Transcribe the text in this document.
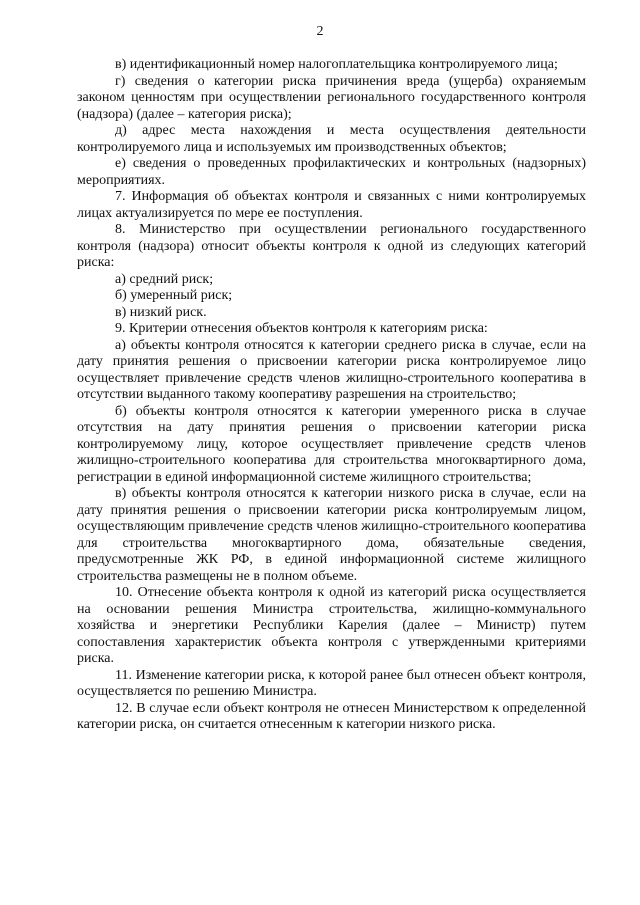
2

в) идентификационный номер налогоплательщика контролируемого лица;

г) сведения о категории риска причинения вреда (ущерба) охраняемым законом ценностям при осуществлении регионального государственного контроля (надзора) (далее – категория риска);

д) адрес места нахождения и места осуществления деятельности контролируемого лица и используемых им производственных объектов;

е) сведения о проведенных профилактических и контрольных (надзорных) мероприятиях.

7. Информация об объектах контроля и связанных с ними контролируемых лицах актуализируется по мере ее поступления.

8. Министерство при осуществлении регионального государственного контроля (надзора) относит объекты контроля к одной из следующих категорий риска:

а) средний риск;

б) умеренный риск;

в) низкий риск.

9. Критерии отнесения объектов контроля к категориям риска:

а) объекты контроля относятся к категории среднего риска в случае, если на дату принятия решения о присвоении категории риска контролируемое лицо осуществляет привлечение средств членов жилищно-строительного кооператива в отсутствии выданного такому кооперативу разрешения на строительство;

б) объекты контроля относятся к категории умеренного риска в случае отсутствия на дату принятия решения о присвоении категории риска контролируемому лицу, которое осуществляет привлечение средств членов жилищно-строительного кооператива для строительства многоквартирного дома, регистрации в единой информационной системе жилищного строительства;

в) объекты контроля относятся к категории низкого риска в случае, если на дату принятия решения о присвоении категории риска контролируемым лицом, осуществляющим привлечение средств членов жилищно-строительного кооператива для строительства многоквартирного дома, обязательные сведения, предусмотренные ЖК РФ, в единой информационной системе жилищного строительства размещены не в полном объеме.

10. Отнесение объекта контроля к одной из категорий риска осуществляется на основании решения Министра строительства, жилищно-коммунального хозяйства и энергетики Республики Карелия (далее – Министр) путем сопоставления характеристик объекта контроля с утвержденными критериями риска.

11. Изменение категории риска, к которой ранее был отнесен объект контроля, осуществляется по решению Министра.

12. В случае если объект контроля не отнесен Министерством к определенной категории риска, он считается отнесенным к категории низкого риска.
